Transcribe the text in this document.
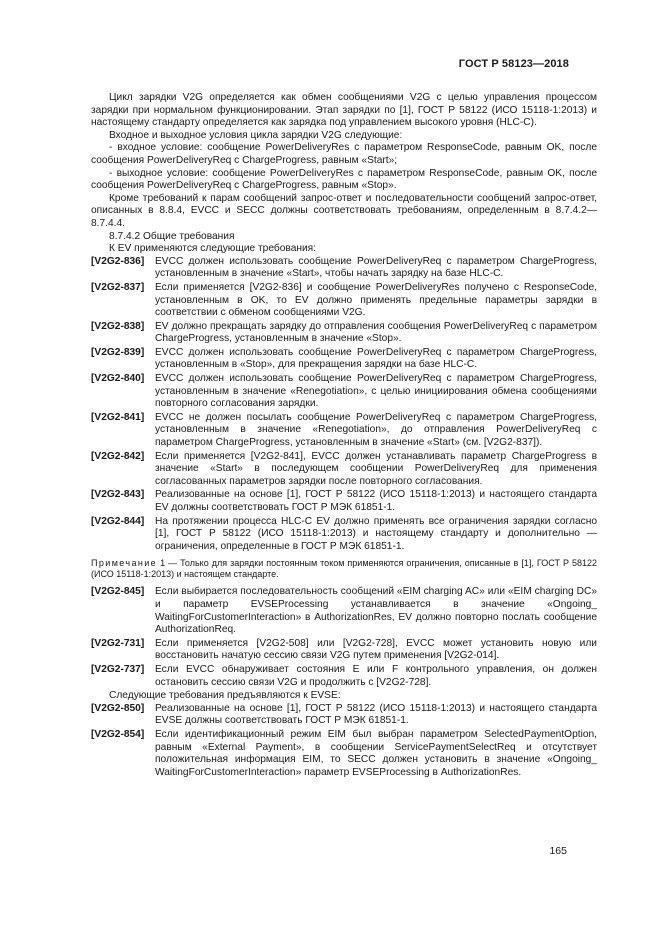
ГОСТ Р 58123—2018

Цикл зарядки V2G определяется как обмен сообщениями V2G с целью управления процессом зарядки при нормальном функционировании. Этап зарядки по [1], ГОСТ Р 58122 (ИСО 15118-1:2013) и настоящему стандарту определяется как зарядка под управлением высокого уровня (HLC-C).

Входное и выходное условия цикла зарядки V2G следующие:

- входное условие: сообщение PowerDeliveryRes с параметром ResponseCode, равным OK, после сообщения PowerDeliveryReq с ChargeProgress, равным «Start»;

- выходное условие: сообщение PowerDeliveryRes с параметром ResponseCode, равным OK, после сообщения PowerDeliveryReq с ChargeProgress, равным «Stop».

Кроме требований к парам сообщений запрос-ответ и последовательности сообщений запрос-ответ, описанных в 8.8.4, EVCC и SECC должны соответствовать требованиям, определенным в 8.7.4.2—8.7.4.4.

8.7.4.2 Общие требования

К EV применяются следующие требования:

[V2G2-836]	EVCC должен использовать сообщение PowerDeliveryReq с параметром ChargeProgress, установленным в значение «Start», чтобы начать зарядку на базе HLC-C.
[V2G2-837]	Если применяется [V2G2-836] и сообщение PowerDeliveryRes получено с ResponseCode, установленным в OK, то EV должно применять предельные параметры зарядки в соответствии с обменом сообщениями V2G.
[V2G2-838]	EV должно прекращать зарядку до отправления сообщения PowerDeliveryReq с параметром ChargeProgress, установленным в значение «Stop».
[V2G2-839]	EVCC должен использовать сообщение PowerDeliveryReq с параметром ChargeProgress, установленным в «Stop», для прекращения зарядки на базе HLC-C.
[V2G2-840]	EVCC должен использовать сообщение PowerDeliveryReq с параметром ChargeProgress, установленным в значение «Renegotiation», с целью инициирования обмена сообщениями повторного согласования зарядки.
[V2G2-841]	EVCC не должен посылать сообщение PowerDeliveryReq с параметром ChargeProgress, установленным в значение «Renegotiation», до отправления PowerDeliveryReq с параметром ChargeProgress, установленным в значение «Start» (см. [V2G2-837]).
[V2G2-842]	Если применяется [V2G2-841], EVCC должен устанавливать параметр ChargeProgress в значение «Start» в последующем сообщении PowerDeliveryReq для применения согласованных параметров зарядки после повторного согласования.
[V2G2-843]	Реализованные на основе [1], ГОСТ Р 58122 (ИСО 15118-1:2013) и настоящего стандарта EV должны соответствовать ГОСТ Р МЭК 61851-1.
[V2G2-844]	На протяжении процесса HLC-C EV должно применять все ограничения зарядки согласно [1], ГОСТ Р 58122 (ИСО 15118-1:2013) и настоящему стандарту и дополнительно — ограничения, определенные в ГОСТ Р МЭК 61851-1.

Примечание 1 — Только для зарядки постоянным током применяются ограничения, описанные в [1], ГОСТ Р 58122 (ИСО 15118-1:2013) и настоящем стандарте.

[V2G2-845]	Если выбирается последовательность сообщений «EIM charging AC» или «EIM charging DC» и параметр EVSEProcessing устанавливается в значение «Ongoing_ WaitingForCustomerInteraction» в AuthorizationRes, EV должно повторно послать сообщение AuthorizationReq.
[V2G2-731]	Если применяется [V2G2-508] или [V2G2-728], EVCC может установить новую или восстановить начатую сессию связи V2G путем применения [V2G2-014].
[V2G2-737]	Если EVCC обнаруживает состояния E или F контрольного управления, он должен остановить сессию связи V2G и продолжить с [V2G2-728].

Следующие требования предъявляются к EVSE:

[V2G2-850]	Реализованные на основе [1], ГОСТ Р 58122 (ИСО 15118-1:2013) и настоящего стандарта EVSE должны соответствовать ГОСТ Р МЭК 61851-1.
[V2G2-854]	Если идентификационный режим EIM был выбран параметром SelectedPaymentOption, равным «External Payment», в сообщении ServicePaymentSelectReq и отсутствует положительная информация EIM, то SECC должен установить в значение «Ongoing_ WaitingForCustomerInteraction» параметр EVSEProcessing в AuthorizationRes.
165
